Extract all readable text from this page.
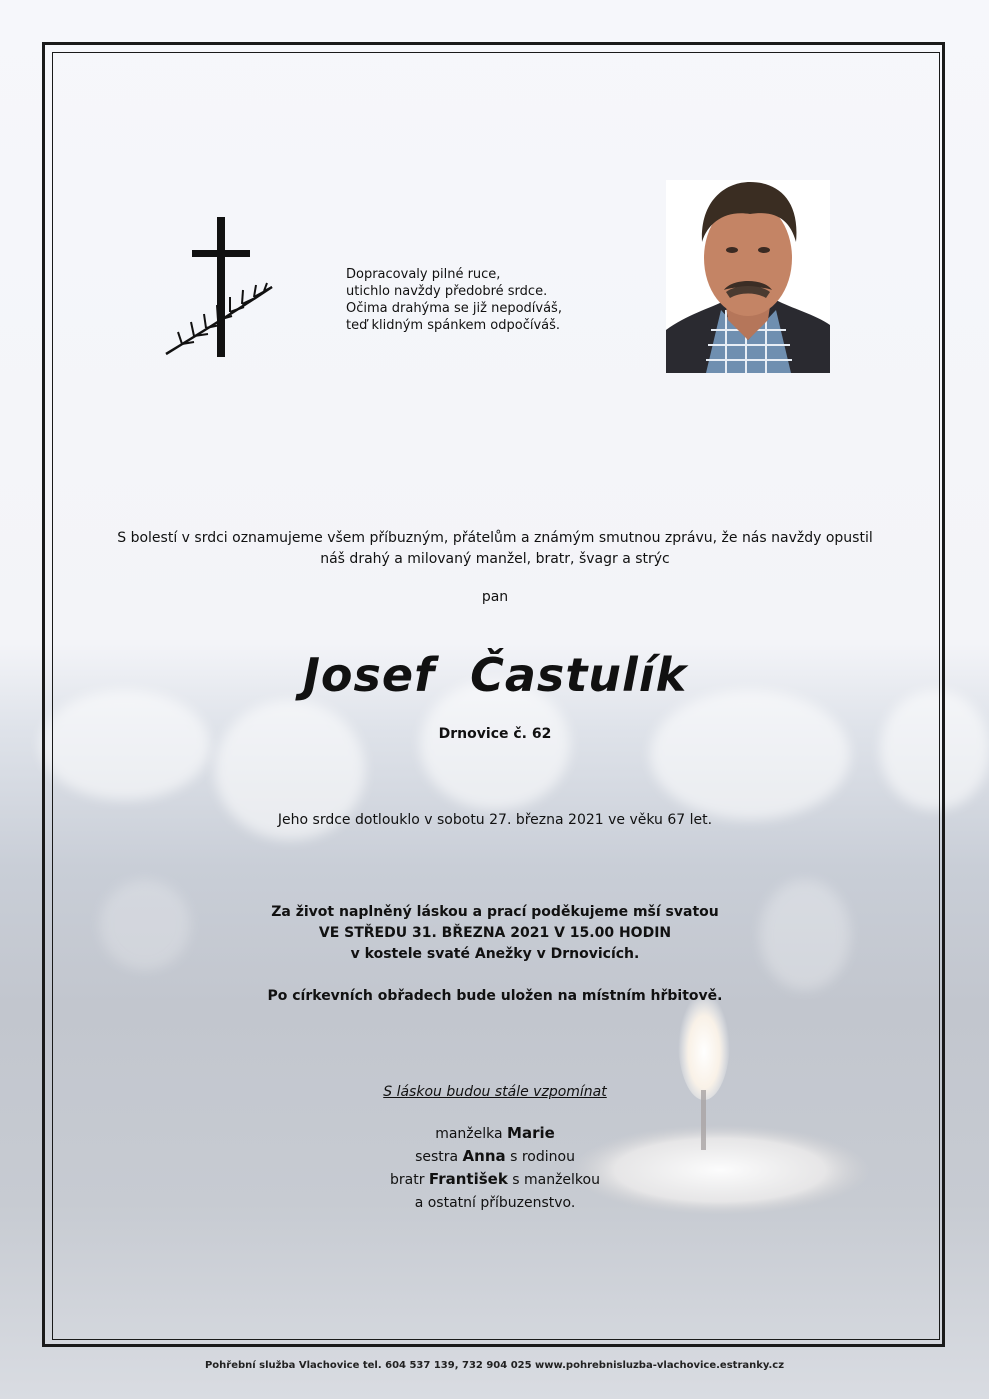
Dopracovaly pilné ruce,
utichlo navždy předobré srdce.
Očima drahýma se již nepodíváš,
teď klidným spánkem odpočíváš.
S bolestí v srdci oznamujeme všem příbuzným, přátelům a známým smutnou zprávu, že nás navždy opustil
náš drahý a milovaný manžel, bratr, švagr a strýc
pan
Josef Častulík
Drnovice č. 62
Jeho srdce dotlouklo v sobotu 27. března 2021 ve věku 67 let.
Za život naplněný láskou a prací poděkujeme mší svatou
VE STŘEDU 31. BŘEZNA 2021 V 15.00 HODIN
v kostele svaté Anežky v Drnovicích.
Po církevních obřadech bude uložen na místním hřbitově.
S láskou budou stále vzpomínat
manželka Marie
sestra Anna s rodinou
bratr František s manželkou
a ostatní příbuzenstvo.
Pohřební služba Vlachovice tel. 604 537 139, 732 904 025 www.pohrebnisluzba-vlachovice.estranky.cz
